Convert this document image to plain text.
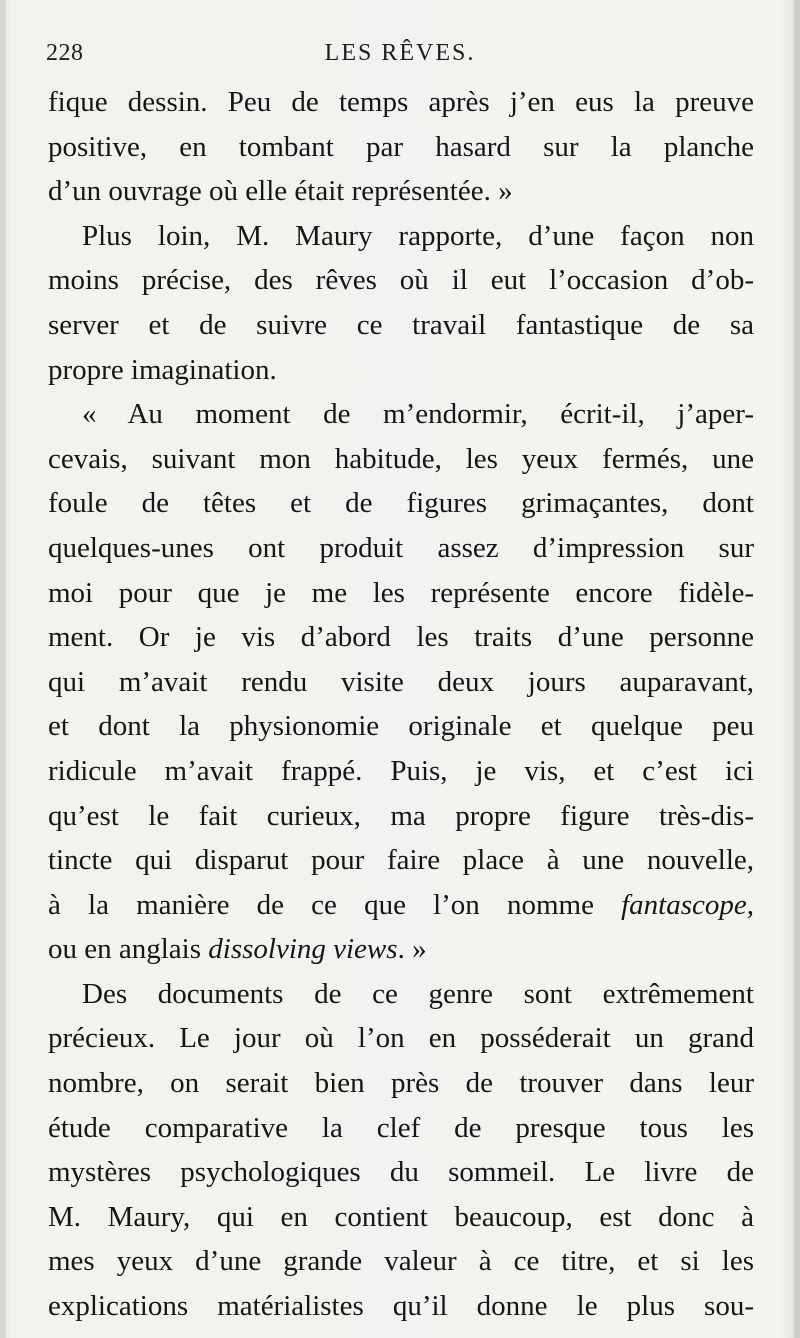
228	LES RÊVES.
fique dessin. Peu de temps après j’en eus la preuve
positive, en tombant par hasard sur la planche
d’un ouvrage où elle était représentée. »
Plus loin, M. Maury rapporte, d’une façon non
moins précise, des rêves où il eut l’occasion d’ob-
server et de suivre ce travail fantastique de sa
propre imagination.
« Au moment de m’endormir, écrit-il, j’aper-
cevais, suivant mon habitude, les yeux fermés, une
foule de têtes et de figures grimaçantes, dont
quelques-unes ont produit assez d’impression sur
moi pour que je me les représente encore fidèle-
ment. Or je vis d’abord les traits d’une personne
qui m’avait rendu visite deux jours auparavant,
et dont la physionomie originale et quelque peu
ridicule m’avait frappé. Puis, je vis, et c’est ici
qu’est le fait curieux, ma propre figure très-dis-
tincte qui disparut pour faire place à une nouvelle,
à la manière de ce que l’on nomme fantascope,
ou en anglais dissolving views. »
Des documents de ce genre sont extrêmement
précieux. Le jour où l’on en posséderait un grand
nombre, on serait bien près de trouver dans leur
étude comparative la clef de presque tous les
mystères psychologiques du sommeil. Le livre de
M. Maury, qui en contient beaucoup, est donc à
mes yeux d’une grande valeur à ce titre, et si les
explications matérialistes qu’il donne le plus sou-
